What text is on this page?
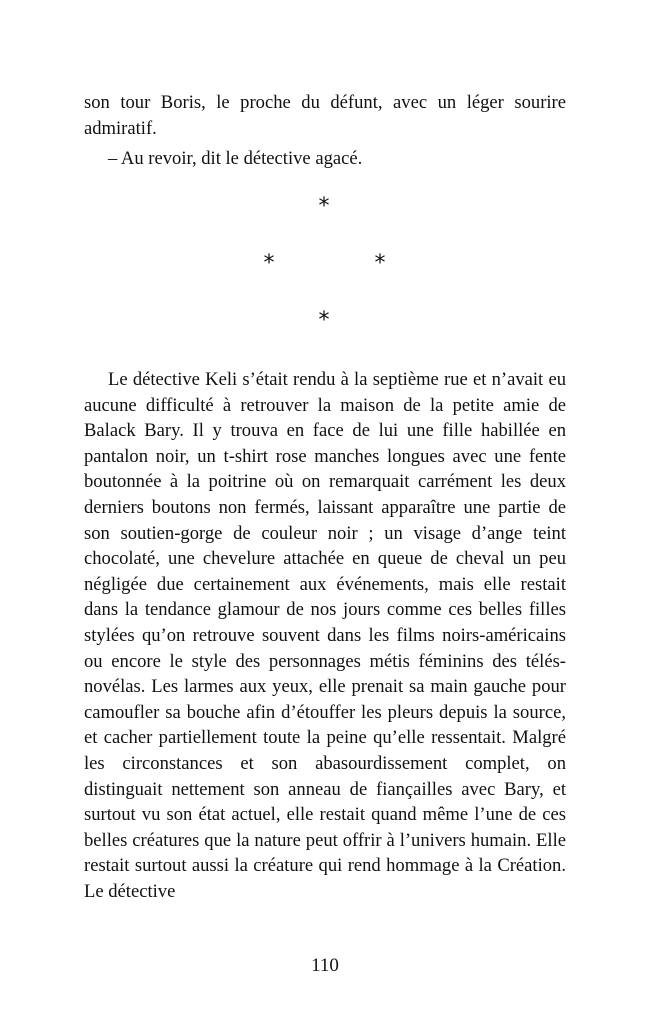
son tour Boris, le proche du défunt, avec un léger sourire admiratif.

– Au revoir, dit le détective agacé.

*
*	*
*

Le détective Keli s’était rendu à la septième rue et n’avait eu aucune difficulté à retrouver la maison de la petite amie de Balack Bary. Il y trouva en face de lui une fille habillée en pantalon noir, un t-shirt rose manches longues avec une fente boutonnée à la poitrine où on remarquait carrément les deux derniers boutons non fermés, laissant apparaître une partie de son soutien-gorge de couleur noir ; un visage d’ange teint chocolaté, une chevelure attachée en queue de cheval un peu négligée due certainement aux événements, mais elle restait dans la tendance glamour de nos jours comme ces belles filles stylées qu’on retrouve souvent dans les films noirs-américains ou encore le style des personnages métis féminins des télés-novélas. Les larmes aux yeux, elle prenait sa main gauche pour camoufler sa bouche afin d’étouffer les pleurs depuis la source, et cacher partiellement toute la peine qu’elle ressentait. Malgré les circonstances et son abasourdissement complet, on distinguait nettement son anneau de fiançailles avec Bary, et surtout vu son état actuel, elle restait quand même l’une de ces belles créatures que la nature peut offrir à l’univers humain. Elle restait surtout aussi la créature qui rend hommage à la Création. Le détective

110
